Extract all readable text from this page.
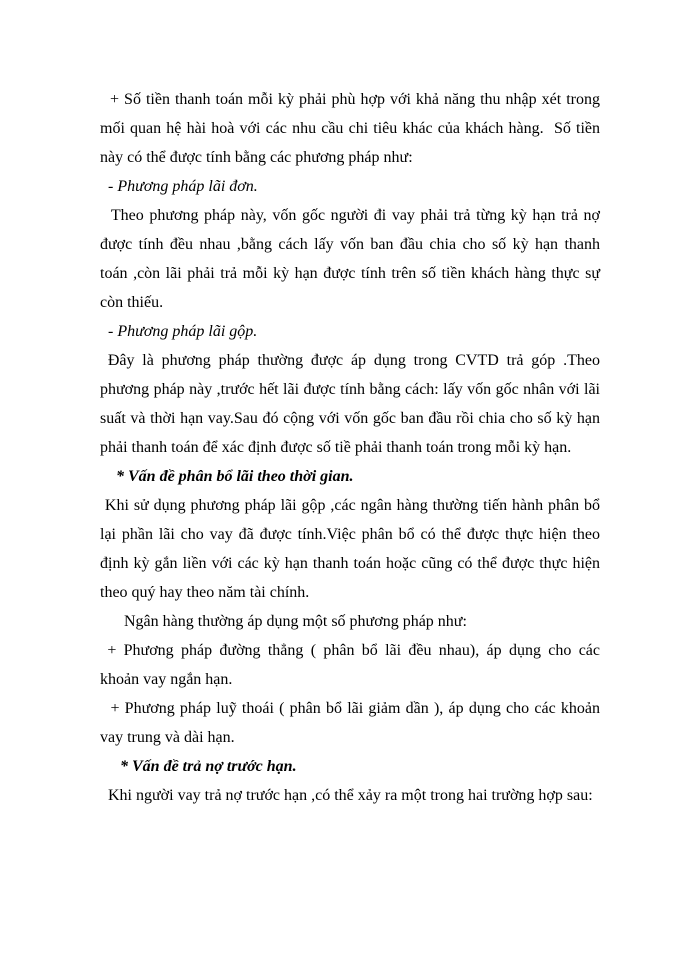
+ Số tiền thanh toán mỗi kỳ phải phù hợp với khả năng thu nhập xét trong
mối quan hệ hài hoà với các nhu cầu chi tiêu khác của khách hàng.  Số tiền
này có thể được tính bằng các phương pháp như:
- Phương pháp lãi đơn.
Theo phương pháp này, vốn gốc người đi vay phải trả từng kỳ hạn trả nợ
được tính đều nhau ,bằng cách lấy vốn ban đầu chia cho số kỳ hạn thanh
toán ,còn lãi phải trả mỗi kỳ hạn được tính trên số tiền khách hàng thực sự
còn thiếu.
- Phương pháp lãi gộp.
Đây là phương pháp thường được áp dụng trong CVTD trả góp .Theo
phương pháp này ,trước hết lãi được tính bằng cách: lấy vốn gốc nhân với lãi
suất và thời hạn vay.Sau đó cộng với vốn gốc ban đầu rồi chia cho số kỳ hạn
phải thanh toán để xác định được số tiề phải thanh toán trong mỗi kỳ hạn.
* Vấn đề phân bổ lãi theo thời gian.
Khi sử dụng phương pháp lãi gộp ,các ngân hàng thường tiến hành phân bổ
lại phần lãi cho vay đã được tính.Việc phân bổ có thể được thực hiện theo
định kỳ gắn liền với các kỳ hạn thanh toán hoặc cũng có thể được thực hiện
theo quý hay theo năm tài chính.
Ngân hàng thường áp dụng một số phương pháp như:
+ Phương pháp đường thẳng ( phân bổ lãi đều nhau), áp dụng cho các
khoản vay ngắn hạn.
+ Phương pháp luỹ thoái ( phân bổ lãi giảm dần ), áp dụng cho các khoản
vay trung và dài hạn.
* Vấn đề trả nợ trước hạn.
Khi người vay trả nợ trước hạn ,có thể xảy ra một trong hai trường hợp sau:
